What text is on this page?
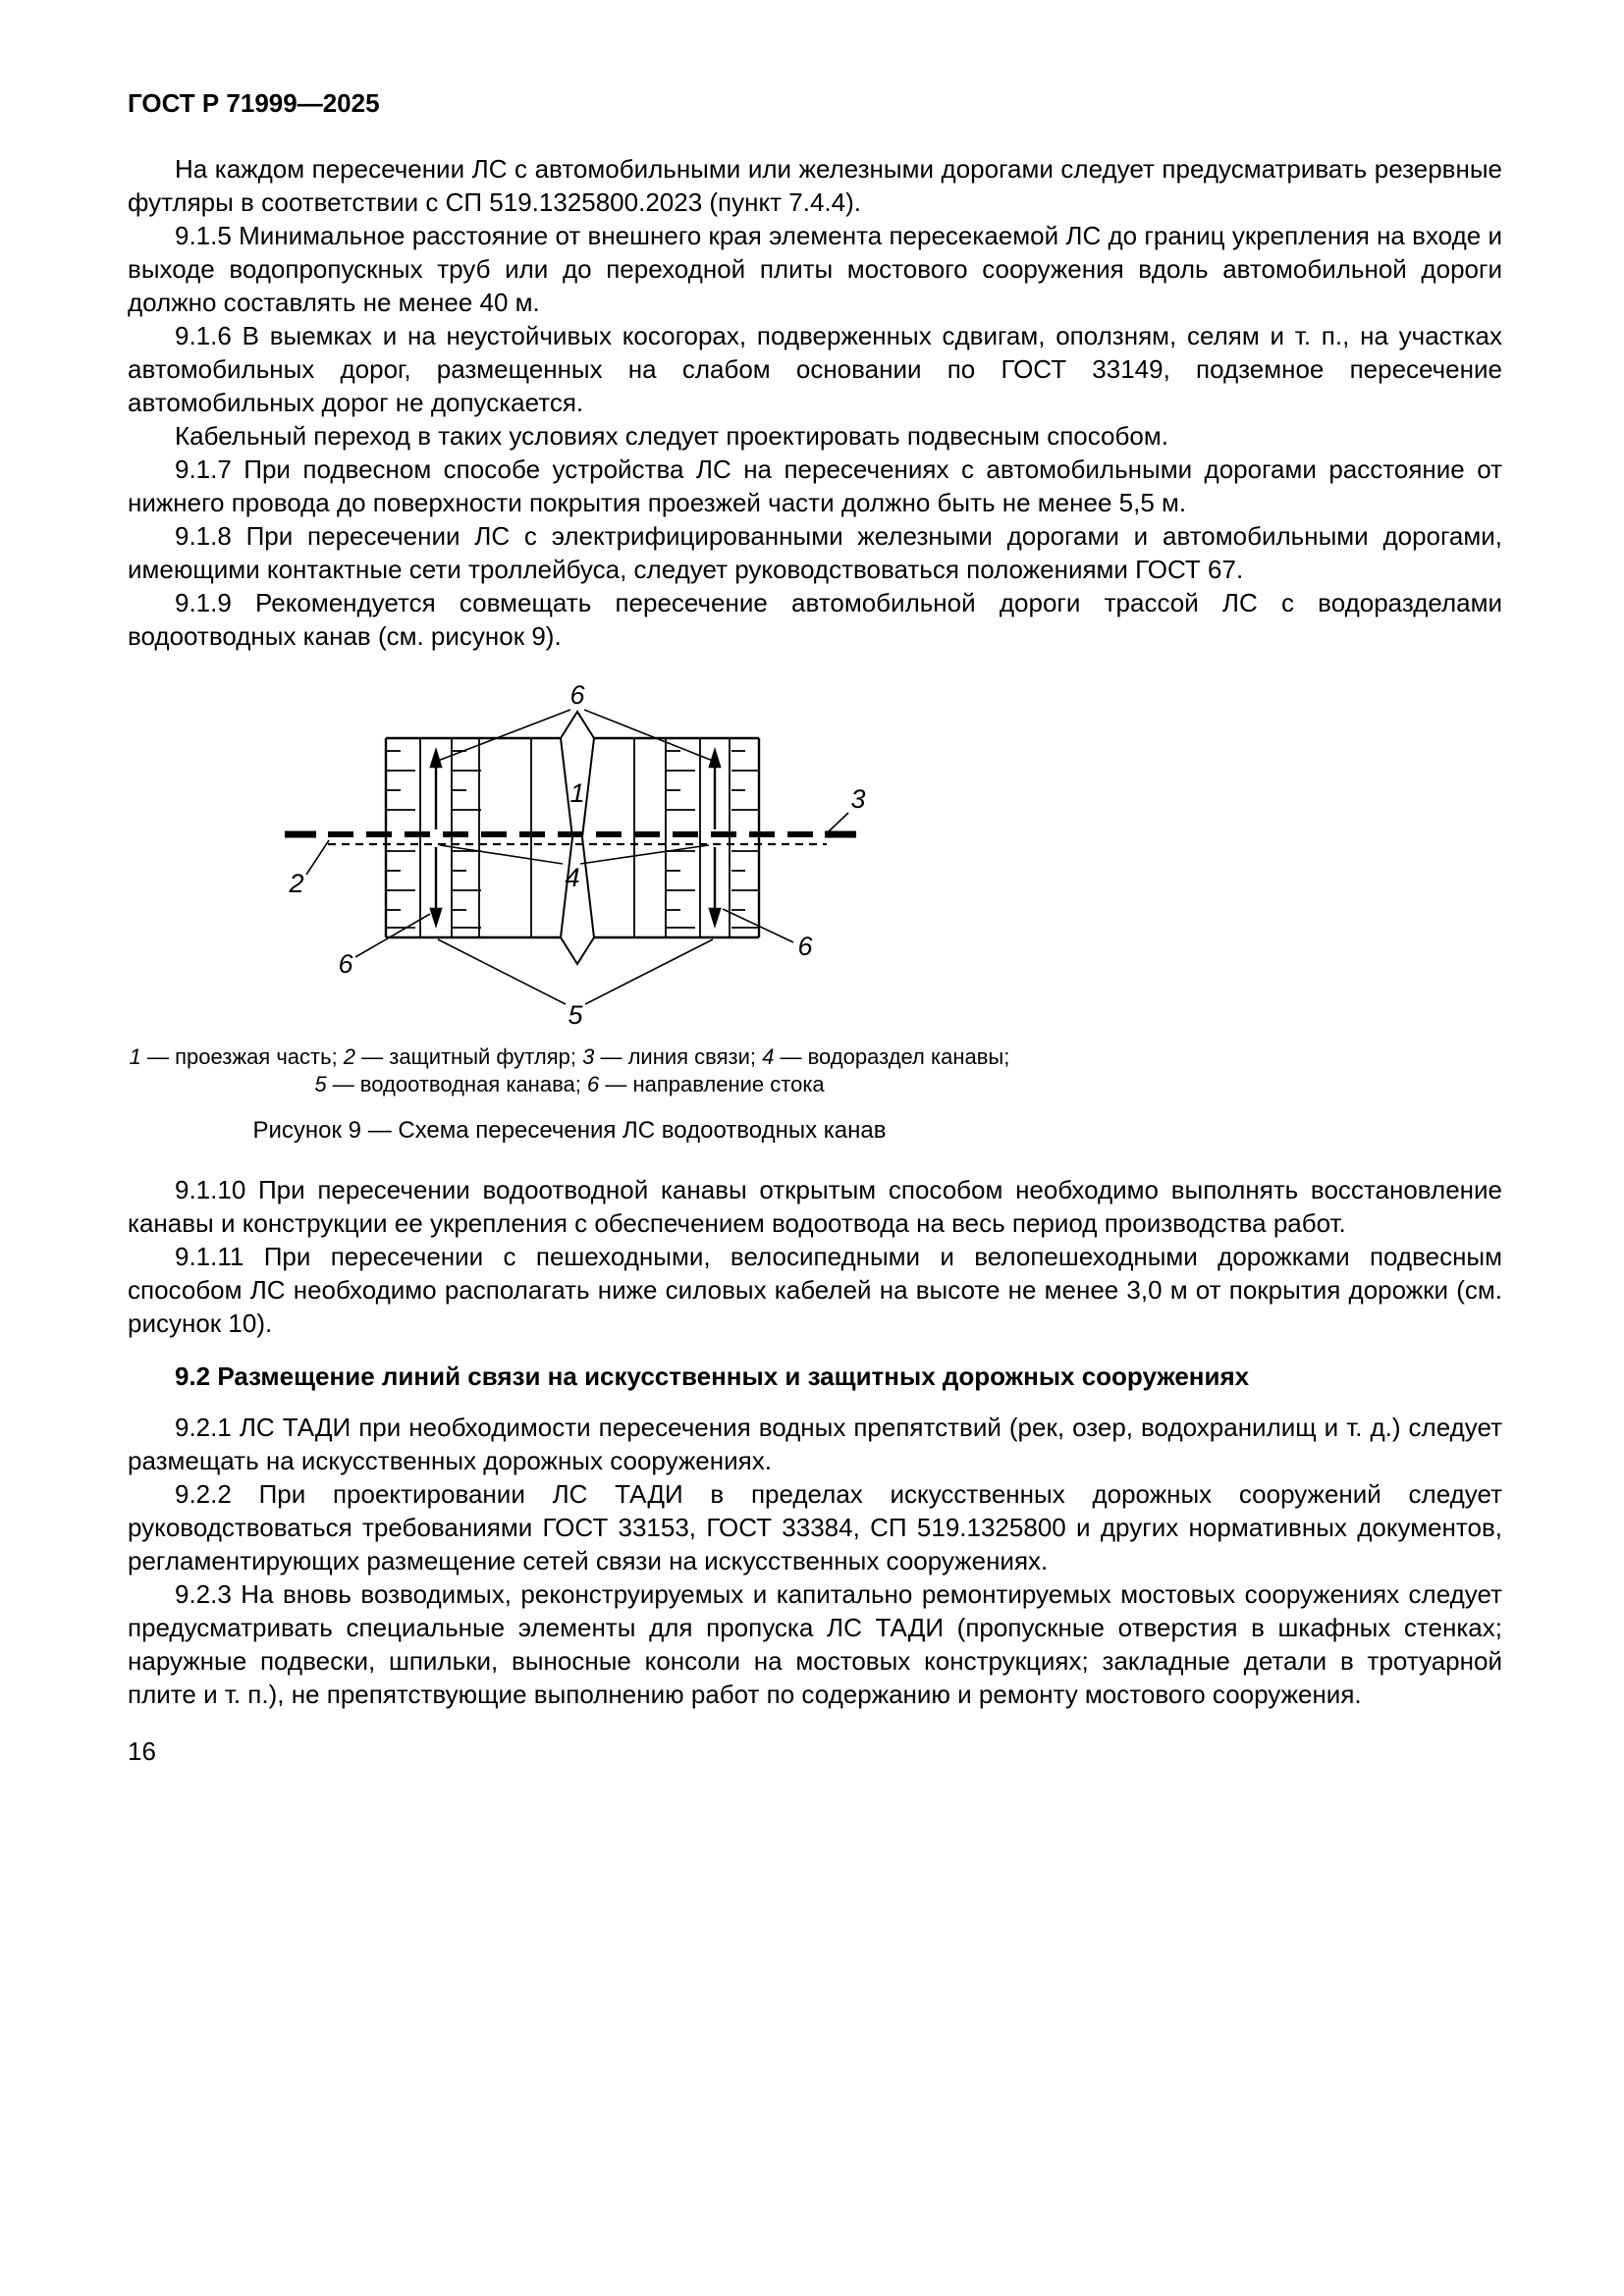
ГОСТ Р 71999—2025

На каждом пересечении ЛС с автомобильными или железными дорогами следует предусматривать резервные футляры в соответствии с СП 519.1325800.2023 (пункт 7.4.4).

9.1.5 Минимальное расстояние от внешнего края элемента пересекаемой ЛС до границ укрепления на входе и выходе водопропускных труб или до переходной плиты мостового сооружения вдоль автомобильной дороги должно составлять не менее 40 м.

9.1.6 В выемках и на неустойчивых косогорах, подверженных сдвигам, оползням, селям и т. п., на участках автомобильных дорог, размещенных на слабом основании по ГОСТ 33149, подземное пересечение автомобильных дорог не допускается.

Кабельный переход в таких условиях следует проектировать подвесным способом.

9.1.7 При подвесном способе устройства ЛС на пересечениях с автомобильными дорогами расстояние от нижнего провода до поверхности покрытия проезжей части должно быть не менее 5,5 м.

9.1.8 При пересечении ЛС с электрифицированными железными дорогами и автомобильными дорогами, имеющими контактные сети троллейбуса, следует руководствоваться положениями ГОСТ 67.

9.1.9 Рекомендуется совмещать пересечение автомобильной дороги трассой ЛС с водоразделами водоотводных канав (см. рисунок 9).

6
1	3
2	4
5
6
6
1 — проезжая часть; 2 — защитный футляр; 3 — линия связи; 4 — водораздел канавы; 5 — водоотводная канава; 6 — направление стока
Рисунок 9 — Схема пересечения ЛС водоотводных канав

9.1.10 При пересечении водоотводной канавы открытым способом необходимо выполнять восстановление канавы и конструкции ее укрепления с обеспечением водоотвода на весь период производства работ.

9.1.11 При пересечении с пешеходными, велосипедными и велопешеходными дорожками подвесным способом ЛС необходимо располагать ниже силовых кабелей на высоте не менее 3,0 м от покрытия дорожки (см. рисунок 10).

9.2 Размещение линий связи на искусственных и защитных дорожных сооружениях

9.2.1 ЛС ТАДИ при необходимости пересечения водных препятствий (рек, озер, водохранилищ и т. д.) следует размещать на искусственных дорожных сооружениях.

9.2.2 При проектировании ЛС ТАДИ в пределах искусственных дорожных сооружений следует руководствоваться требованиями ГОСТ 33153, ГОСТ 33384, СП 519.1325800 и других нормативных документов, регламентирующих размещение сетей связи на искусственных сооружениях.

9.2.3 На вновь возводимых, реконструируемых и капитально ремонтируемых мостовых сооружениях следует предусматривать специальные элементы для пропуска ЛС ТАДИ (пропускные отверстия в шкафных стенках; наружные подвески, шпильки, выносные консоли на мостовых конструкциях; закладные детали в тротуарной плите и т. п.), не препятствующие выполнению работ по содержанию и ремонту мостового сооружения.

16
